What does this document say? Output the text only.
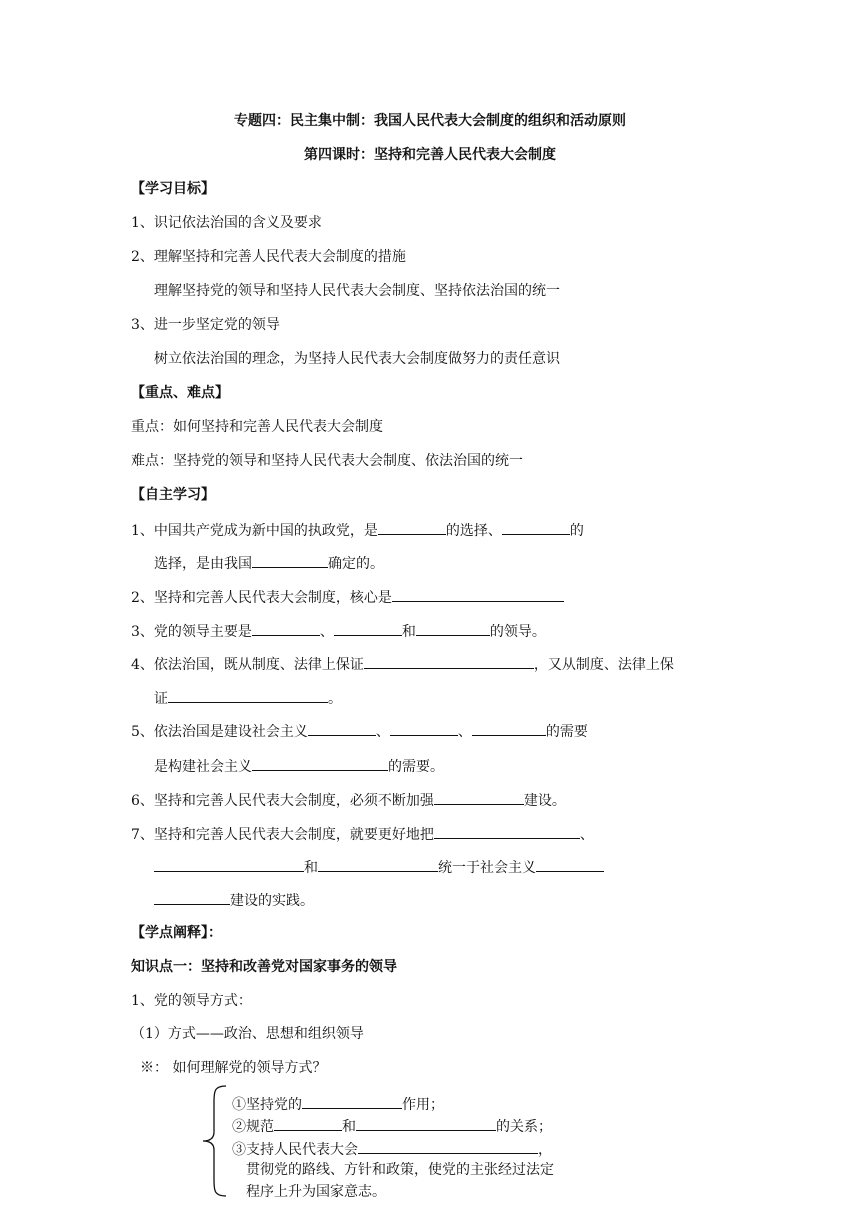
专题四：民主集中制：我国人民代表大会制度的组织和活动原则
第四课时：坚持和完善人民代表大会制度
【学习目标】
1、识记依法治国的含义及要求
2、理解坚持和完善人民代表大会制度的措施
理解坚持党的领导和坚持人民代表大会制度、坚持依法治国的统一
3、进一步坚定党的领导
树立依法治国的理念，为坚持人民代表大会制度做努力的责任意识
【重点、难点】
重点：如何坚持和完善人民代表大会制度
难点：坚持党的领导和坚持人民代表大会制度、依法治国的统一
【自主学习】
1、中国共产党成为新中国的执政党，是	的选择、	的
选择，是由我国	确定的。
2、坚持和完善人民代表大会制度，核心是
3、党的领导主要是	、	和	的领导。
4、依法治国，既从制度、法律上保证	，又从制度、法律上保
证	。
5、依法治国是建设社会主义	、	、	的需要
是构建社会主义	的需要。
6、坚持和完善人民代表大会制度，必须不断加强	建设。
7、坚持和完善人民代表大会制度，就要更好地把	、
和	统一于社会主义
建设的实践。
【学点阐释】：
知识点一：坚持和改善党对国家事务的领导
1、党的领导方式：
（1）方式——政治、思想和组织领导
※： 如何理解党的领导方式？
①坚持党的	作用；
②规范	和	的关系；
③支持人民代表大会	，
贯彻党的路线、方针和政策，使党的主张经过法定
程序上升为国家意志。
